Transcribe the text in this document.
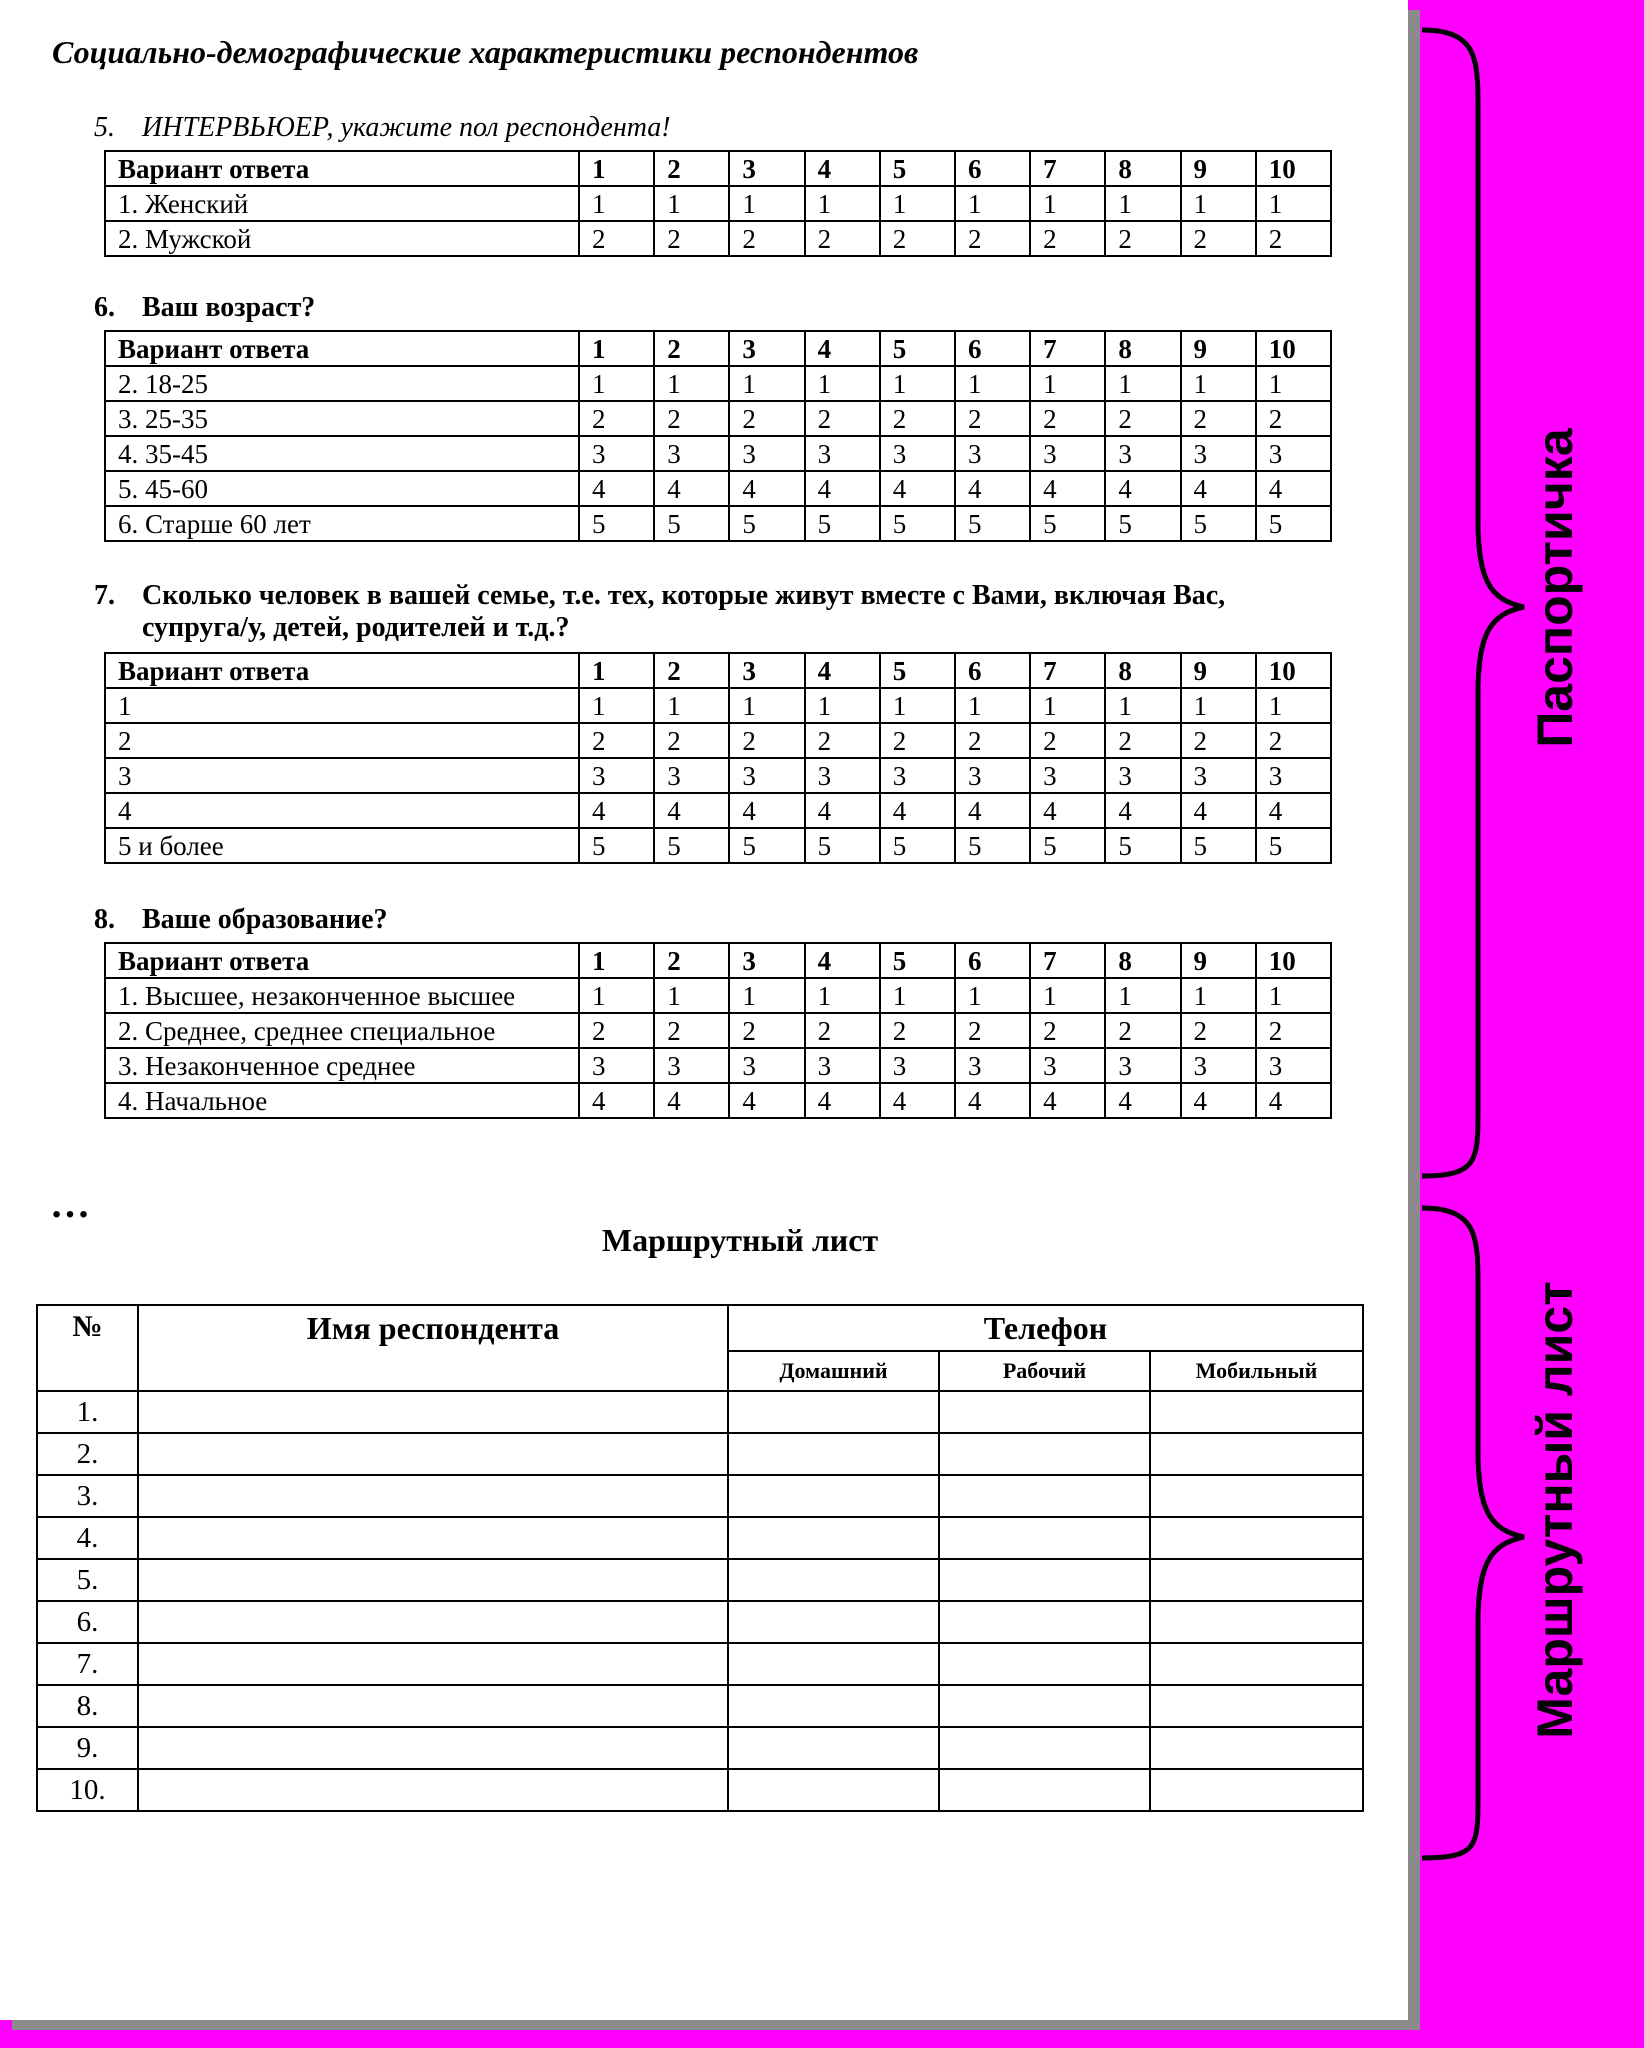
Социально-демографические характеристики респондентов
5. ИНТЕРВЬЮЕР, укажите пол респондента!
Вариант ответа	1	2	3	4	5	6	7	8	9	10
1. Женский	1	1	1	1	1	1	1	1	1	1
2. Мужской	2	2	2	2	2	2	2	2	2	2
6. Ваш возраст?
Вариант ответа	1	2	3	4	5	6	7	8	9	10
2. 18-25	1	1	1	1	1	1	1	1	1	1
3. 25-35	2	2	2	2	2	2	2	2	2	2
4. 35-45	3	3	3	3	3	3	3	3	3	3
5. 45-60	4	4	4	4	4	4	4	4	4	4
6. Старше 60 лет	5	5	5	5	5	5	5	5	5	5
7. Сколько человек в вашей семье, т.е. тех, которые живут вместе с Вами, включая Вас,
супруга/у, детей, родителей и т.д.?
Вариант ответа	1	2	3	4	5	6	7	8	9	10
1	1	1	1	1	1	1	1	1	1	1
2	2	2	2	2	2	2	2	2	2	2
3	3	3	3	3	3	3	3	3	3	3
4	4	4	4	4	4	4	4	4	4	4
5 и более	5	5	5	5	5	5	5	5	5	5
8. Ваше образование?
Вариант ответа	1	2	3	4	5	6	7	8	9	10
1. Высшее, незаконченное высшее	1	1	1	1	1	1	1	1	1	1
2. Среднее, среднее специальное	2	2	2	2	2	2	2	2	2	2
3. Незаконченное среднее	3	3	3	3	3	3	3	3	3	3
4. Начальное	4	4	4	4	4	4	4	4	4	4
…
Маршрутный лист
№	Имя респондента	Телефон		
		Домашний	Рабочий	Мобильный
1.				
2.				
3.				
4.				
5.				
6.				
7.				
8.				
9.				
10.				
Паспортичка
Маршрутный лист
